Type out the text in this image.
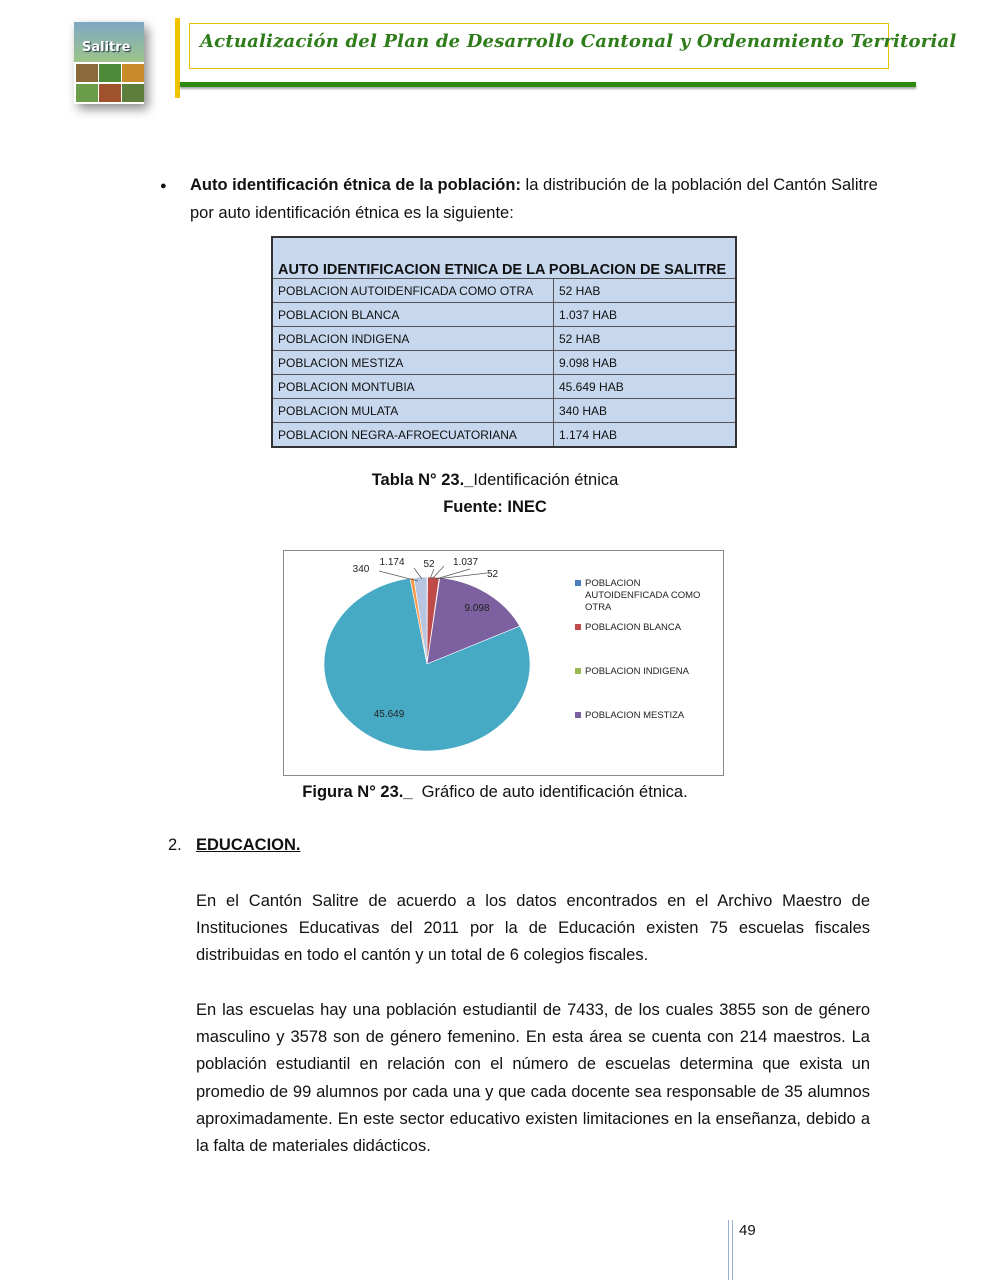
Salitre	Actualización del Plan de Desarrollo Cantonal y Ordenamiento Territorial
● Auto identificación étnica de la población: la distribución de la población del Cantón Salitre por auto identificación étnica es la siguiente:
AUTO IDENTIFICACION ETNICA DE LA POBLACION DE SALITRE	
POBLACION AUTOIDENFICADA COMO OTRA	52 HAB
POBLACION BLANCA	1.037 HAB
POBLACION INDIGENA	52 HAB
POBLACION MESTIZA	9.098 HAB
POBLACION MONTUBIA	45.649 HAB
POBLACION MULATA	340 HAB
POBLACION NEGRA-AFROECUATORIANA	1.174 HAB
Tabla N° 23._Identificación étnica
Fuente: INEC
52 1.037
52
9.098
45.649
340
1.174
POBLACION
AUTOIDENFICADA COMO
OTRA
POBLACION BLANCA
POBLACION INDIGENA
POBLACION MESTIZA
Figura N° 23._  Gráfico de auto identificación étnica.
2. EDUCACION.
En el Cantón Salitre de acuerdo a los datos encontrados en el Archivo Maestro de Instituciones Educativas del 2011 por la de Educación existen 75 escuelas fiscales distribuidas en todo el cantón y un total de 6 colegios fiscales.
En las escuelas hay una población estudiantil de 7433, de los cuales 3855 son de género masculino y 3578 son de género femenino. En esta área se cuenta con 214 maestros. La población estudiantil en relación con el número de escuelas determina que exista un promedio de 99 alumnos por cada una y que cada docente sea responsable de 35 alumnos aproximadamente. En este sector educativo existen limitaciones en la enseñanza, debido a la falta de materiales didácticos.
49
